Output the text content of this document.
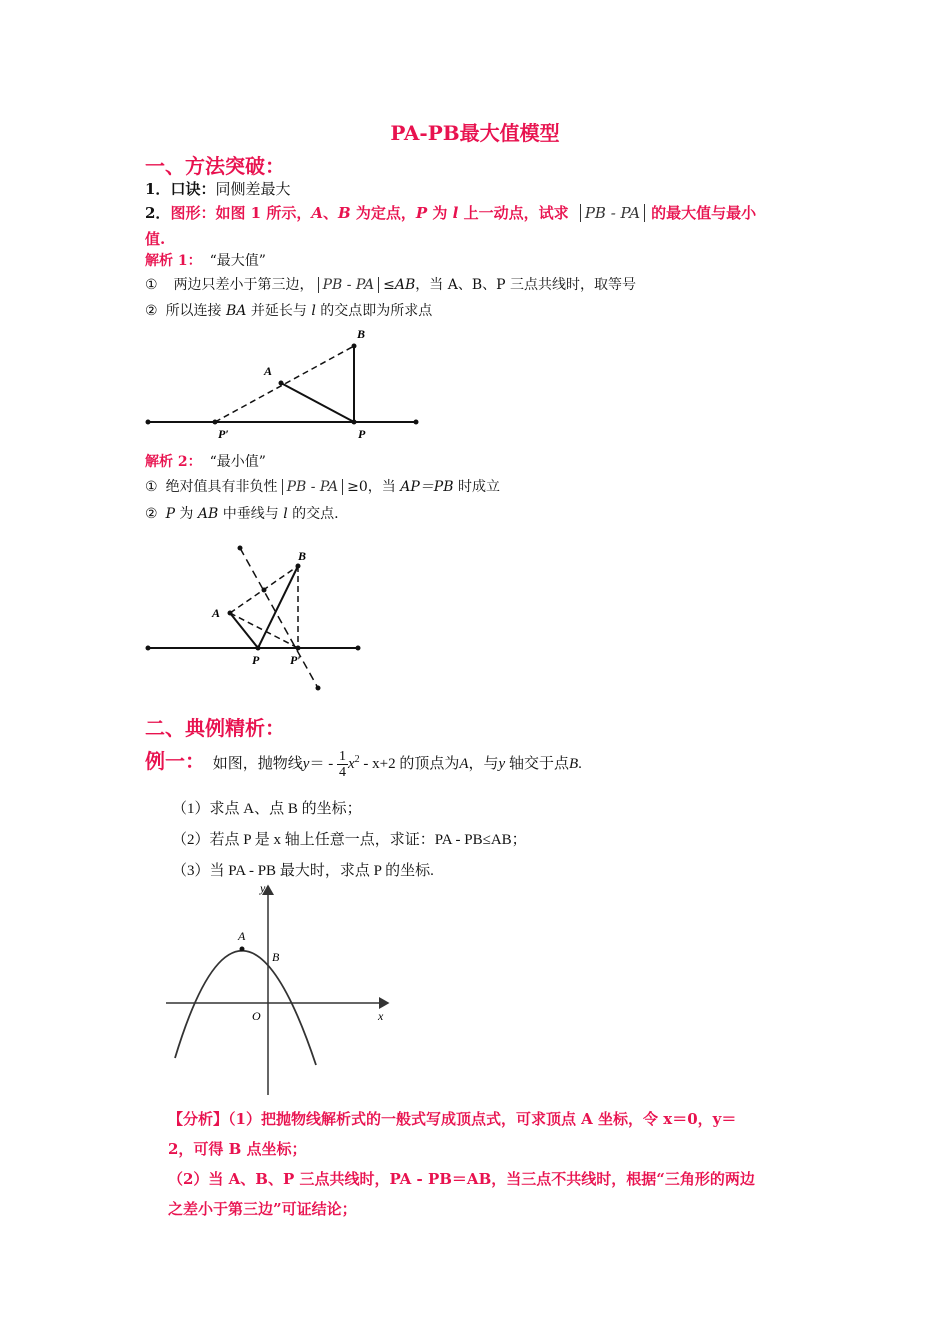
PA-PB最大值模型
一、方法突破：
1．口诀：同侧差最大
2．图形：如图 1 所示，A、B 为定点，P 为 l 上一动点，试求 PB - PA 的最大值与最小
值.
解析 1： “最大值”
① 两边只差小于第三边， PB - PA ≤AB，当 A、B、P 三点共线时，取等号
② 所以连接 BA 并延长与 l 的交点即为所求点
B
A
P′	P
解析 2： “最小值”
① 绝对值具有非负性 PB - PA ≥0，当 AP＝PB 时成立
② P 为 AB 中垂线与 l 的交点.
B
A
P	P′
二、典例精析：
例一： 如图，抛物线$y= - \frac{1}{4} x^2 - x+2$ 的顶点为A，与y 轴交于点B.
（1）求点 A、点 B 的坐标；
（2）若点 P 是 x 轴上任意一点，求证：PA - PB≤AB；
（3）当 PA - PB 最大时，求点 P 的坐标.
y
x
O
A
B
【分析】（1）把抛物线解析式的一般式写成顶点式，可求顶点 A 坐标，令 x＝0，y＝
2，可得 B 点坐标；
（2）当 A、B、P 三点共线时，PA - PB＝AB，当三点不共线时，根据“三角形的两边
之差小于第三边”可证结论；
